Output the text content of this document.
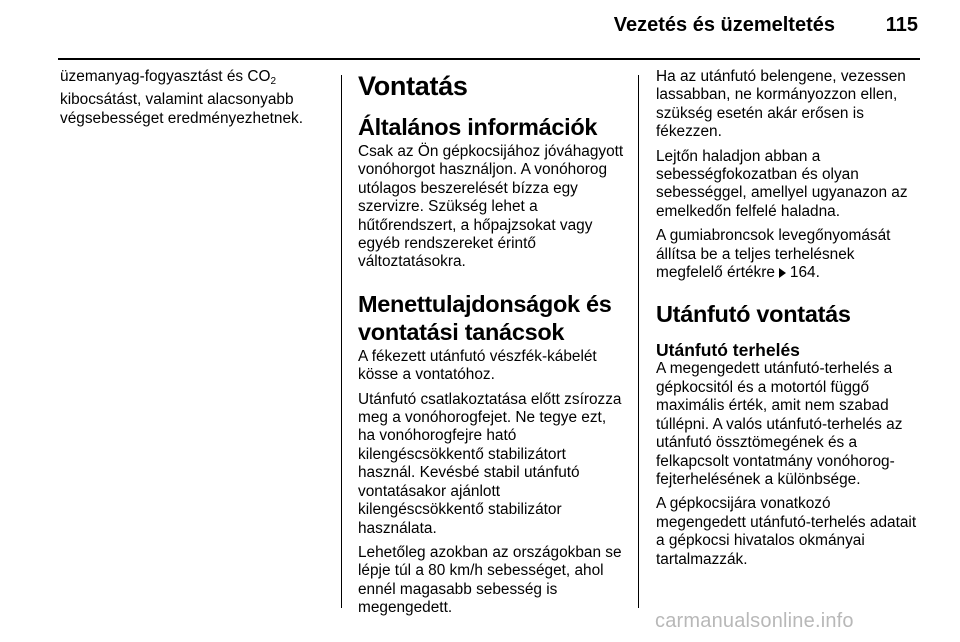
Vezetés és üzemeltetés	115

üzemanyag-fogyasztást és $CO_2$ kibocsátást, valamint alacsonyabb végsebességet eredményezhetnek.

Vontatás
Általános információk

Csak az Ön gépkocsijához jóváhagyott vonóhorgot használjon. A vonóhorog utólagos beszerelését bízza egy szervizre. Szükség lehet a hűtőrendszert, a hőpajzsokat vagy egyéb rendszereket érintő változtatásokra.

Menettulajdonságok és vontatási tanácsok

A fékezett utánfutó vészfék-kábelét kösse a vontatóhoz.

Utánfutó csatlakoztatása előtt zsírozza meg a vonóhorogfejet. Ne tegye ezt, ha vonóhorogfejre ható kilengéscsökkentő stabilizátort használ. Kevésbé stabil utánfutó vontatásakor ajánlott kilengéscsökkentő stabilizátor használata.

Lehetőleg azokban az országokban se lépje túl a 80 km/h sebességet, ahol ennél magasabb sebesség is megengedett.

Ha az utánfutó belengene, vezessen lassabban, ne kormányozzon ellen, szükség esetén akár erősen is fékezzen.

Lejtőn haladjon abban a sebességfokozatban és olyan sebességgel, amellyel ugyanazon az emelkedőn felfelé haladna.

A gumiabroncsok levegőnyomását állítsa be a teljes terhelésnek megfelelő értékre 164.

Utánfutó vontatás
Utánfutó terhelés

A megengedett utánfutó-terhelés a gépkocsitól és a motortól függő maximális érték, amit nem szabad túllépni. A valós utánfutó-terhelés az utánfutó össztömegének és a felkapcsolt vontatmány vonóhorog-fejterhelésének a különbsége.

A gépkocsijára vonatkozó megengedett utánfutó-terhelés adatait a gépkocsi hivatalos okmányai tartalmazzák.

carmanualsonline.info
